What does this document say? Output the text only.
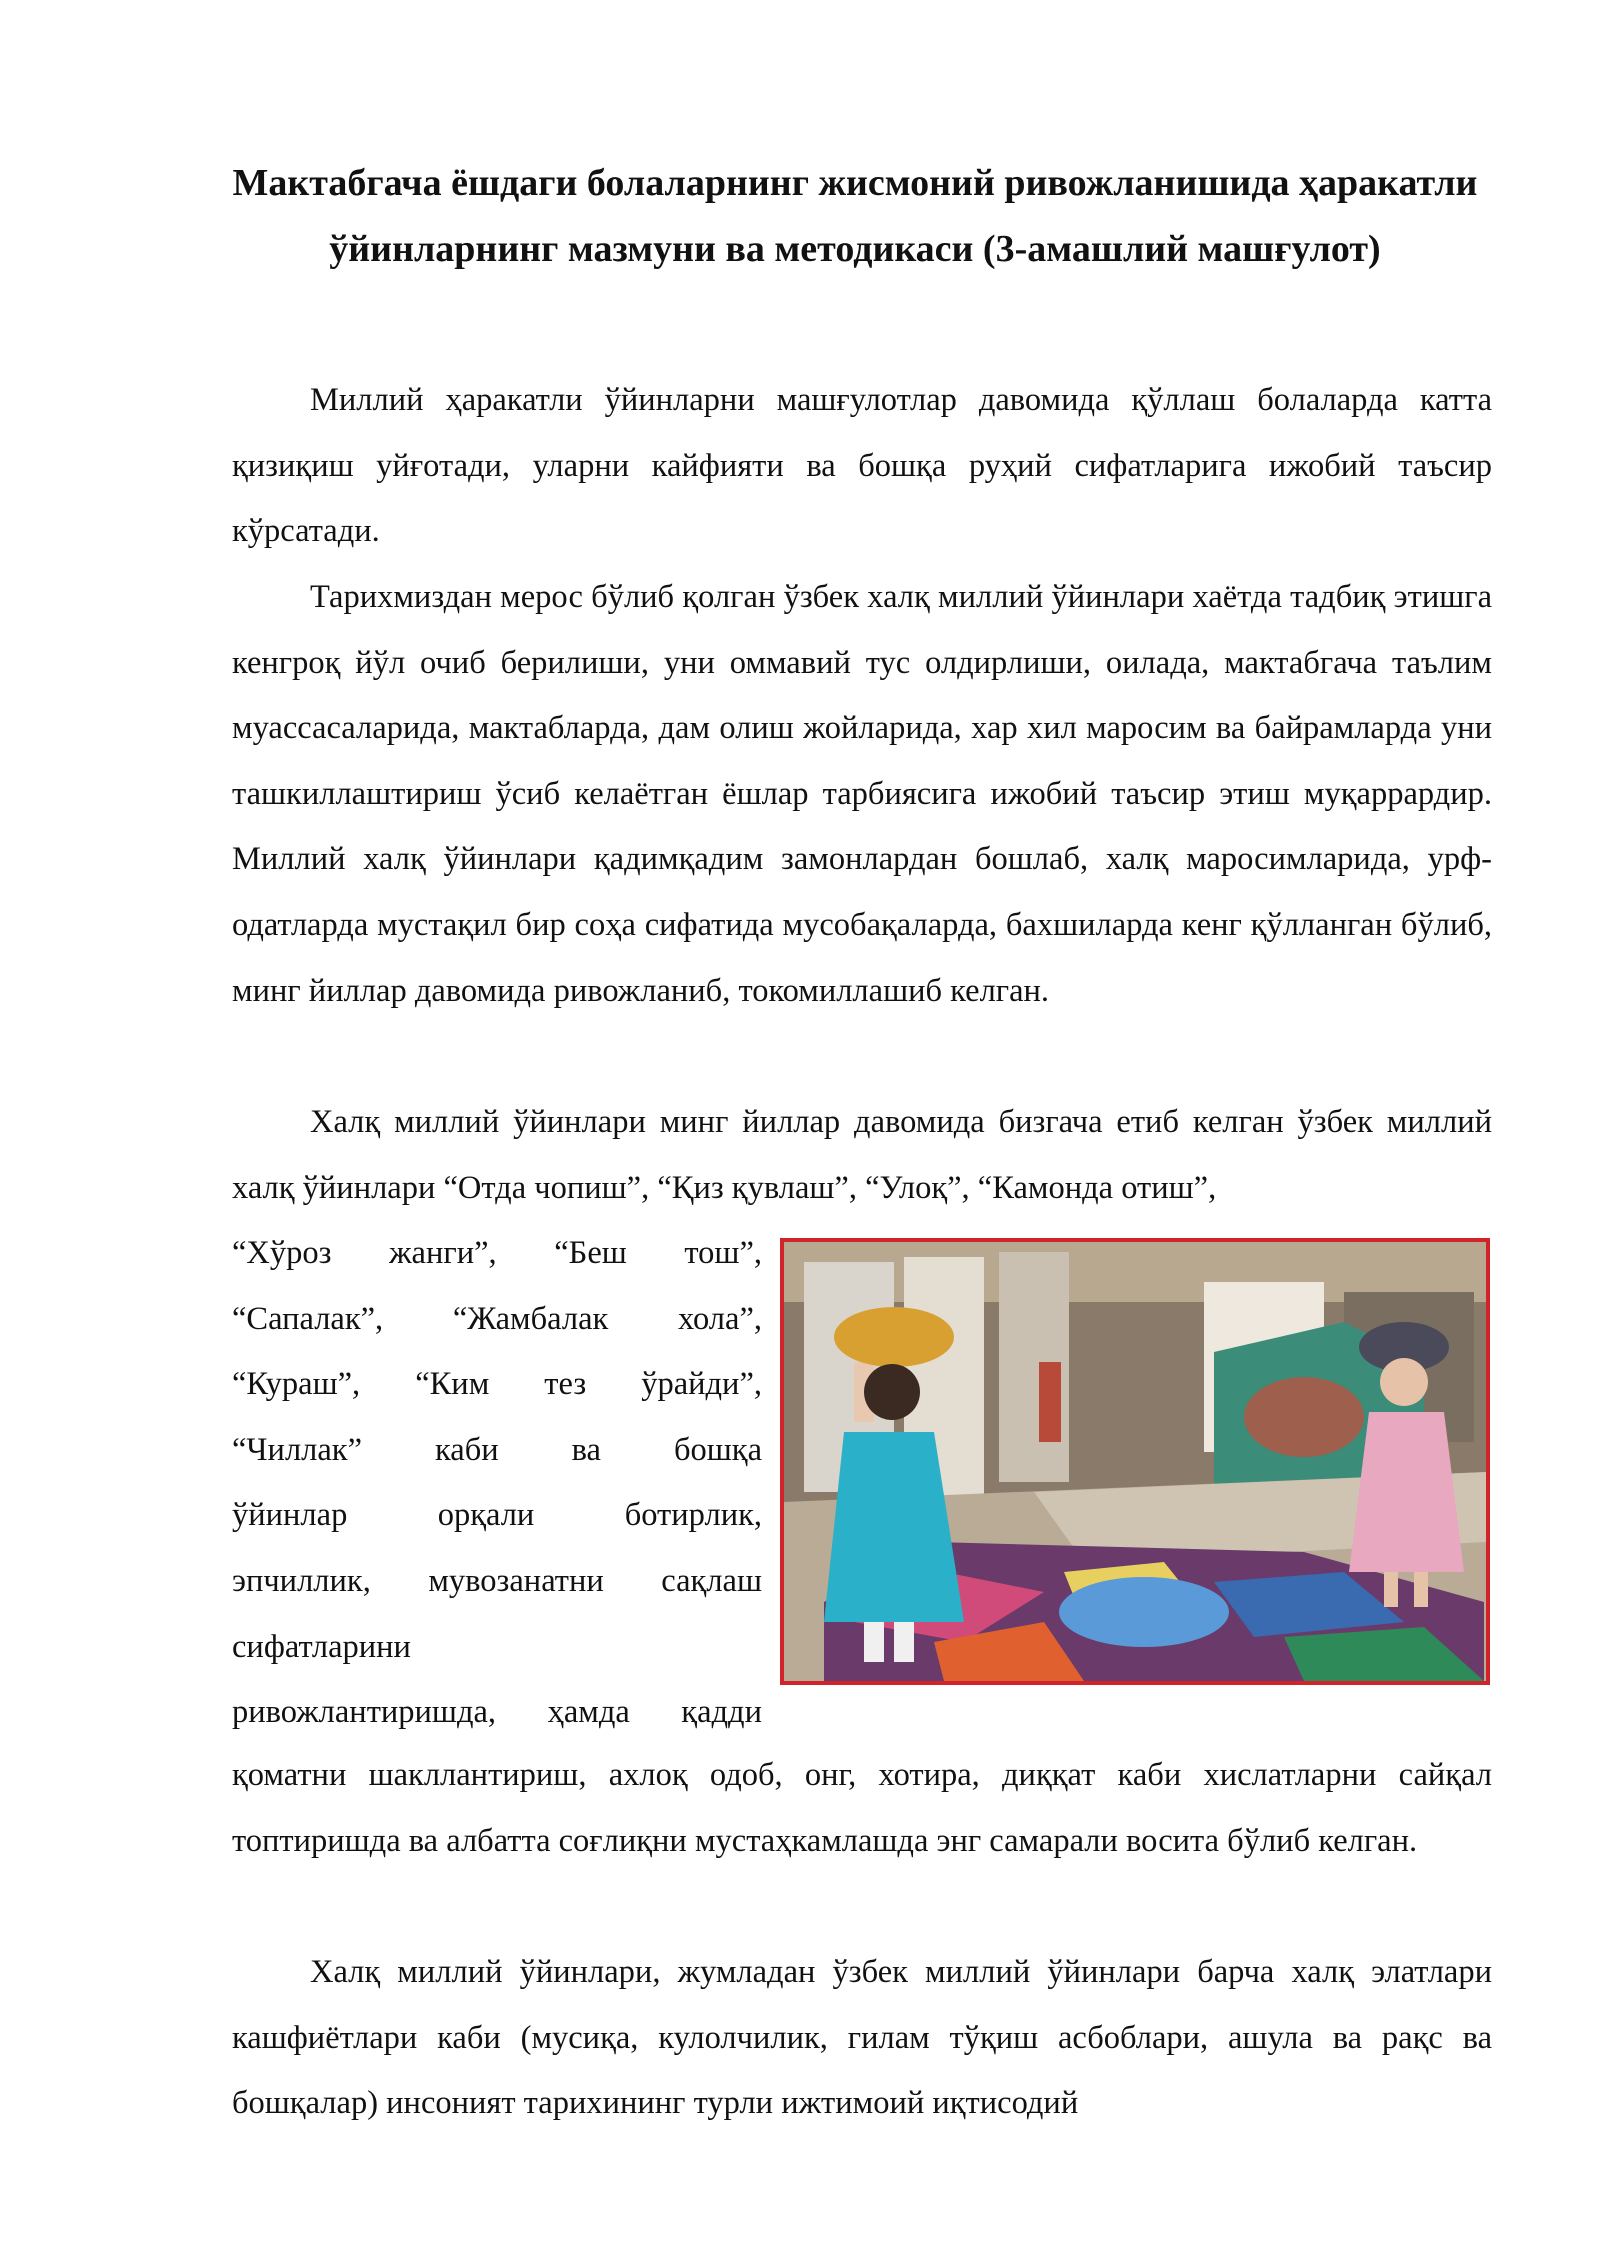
Мактабгача ёшдаги болаларнинг жисмоний ривожланишида ҳаракатли ўйинларнинг мазмуни ва методикаси (3-амашлий машғулот)

Миллий ҳаракатли ўйинларни машғулотлар давомида қўллаш болаларда катта қизиқиш уйғотади, уларни кайфияти ва бошқа руҳий сифатларига ижобий таъсир кўрсатади.

Тарихмиздан мерос бўлиб қолган ўзбек халқ миллий ўйинлари хаётда тадбиқ этишга кенгроқ йўл очиб берилиши, уни оммавий тус олдирлиши, оилада, мактабгача таълим муассасаларида, мактабларда, дам олиш жойларида, хар хил маросим ва байрамларда уни ташкиллаштириш ўсиб келаётган ёшлар тарбиясига ижобий таъсир этиш муқаррардир. Миллий халқ ўйинлари қадимқадим замонлардан бошлаб, халқ маросимларида, урф-одатларда мустақил бир соҳа сифатида мусобақаларда, бахшиларда кенг қўлланган бўлиб, минг йиллар давомида ривожланиб, токомиллашиб келган.

Халқ миллий ўйинлари минг йиллар давомида бизгача етиб келган ўзбек миллий халқ ўйинлари “Отда чопиш”, “Қиз қувлаш”, “Улоқ”, “Камонда отиш”,

“Хўроз жанги”, “Беш тош”,
“Сапалак”, “Жамбалак хола”,
“Кураш”, “Ким тез ўрайди”,
“Чиллак” каби ва бошқа
ўйинлар орқали ботирлик,
эпчиллик, мувозанатни сақлаш
сифатларини
ривожлантиришда, ҳамда қадди

қоматни шакллантириш, ахлоқ одоб, онг, хотира, диққат каби хислатларни сайқал топтиришда ва албатта соғлиқни мустаҳкамлашда энг самарали восита бўлиб келган.

Халқ миллий ўйинлари, жумладан ўзбек миллий ўйинлари барча халқ элатлари кашфиётлари каби (мусиқа, кулолчилик, гилам тўқиш асбоблари, ашула ва рақс ва бошқалар) инсоният тарихининг турли ижтимоий иқтисодий
